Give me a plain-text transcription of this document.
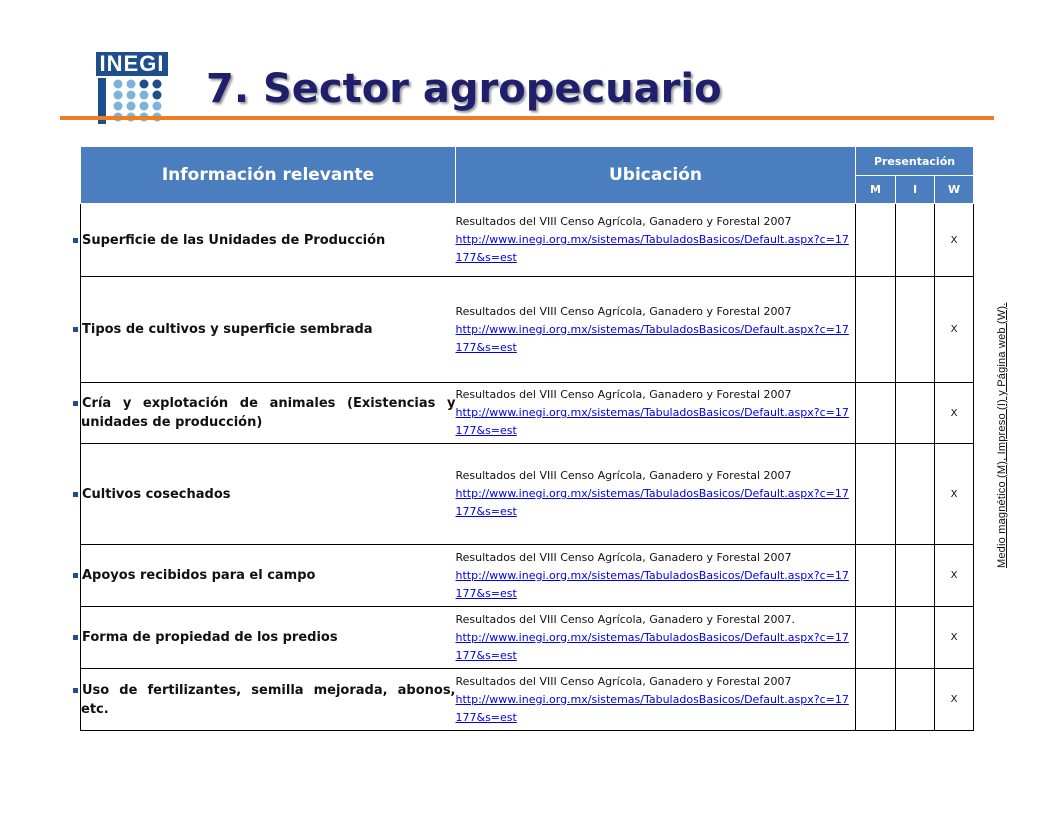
INEGI
7. Sector agropecuario
Información relevante	Ubicación	Presentación		
		M	I	W
Superficie de las Unidades de Producción	Resultados del VIII Censo Agrícola, Ganadero y Forestal 2007
http://www.inegi.org.mx/sistemas/TabuladosBasicos/Default.aspx?c=17177&s=est			X
Tipos de cultivos y superficie sembrada	Resultados del VIII Censo Agrícola, Ganadero y Forestal 2007
http://www.inegi.org.mx/sistemas/TabuladosBasicos/Default.aspx?c=17177&s=est			X
Cría y explotación de animales (Existencias y unidades de producción)	Resultados del VIII Censo Agrícola, Ganadero y Forestal 2007
http://www.inegi.org.mx/sistemas/TabuladosBasicos/Default.aspx?c=17177&s=est			X
Cultivos cosechados	Resultados del VIII Censo Agrícola, Ganadero y Forestal 2007
http://www.inegi.org.mx/sistemas/TabuladosBasicos/Default.aspx?c=17177&s=est			X
Apoyos recibidos para el campo	Resultados del VIII Censo Agrícola, Ganadero y Forestal 2007
http://www.inegi.org.mx/sistemas/TabuladosBasicos/Default.aspx?c=17177&s=est			X
Forma de propiedad de los predios	Resultados del VIII Censo Agrícola, Ganadero y Forestal 2007.
http://www.inegi.org.mx/sistemas/TabuladosBasicos/Default.aspx?c=17177&s=est			X
Uso de fertilizantes, semilla mejorada, abonos, etc.	Resultados del VIII Censo Agrícola, Ganadero y Forestal 2007
http://www.inegi.org.mx/sistemas/TabuladosBasicos/Default.aspx?c=17177&s=est			X
Medio magnético (M), Impreso (I) y Página web (W).
